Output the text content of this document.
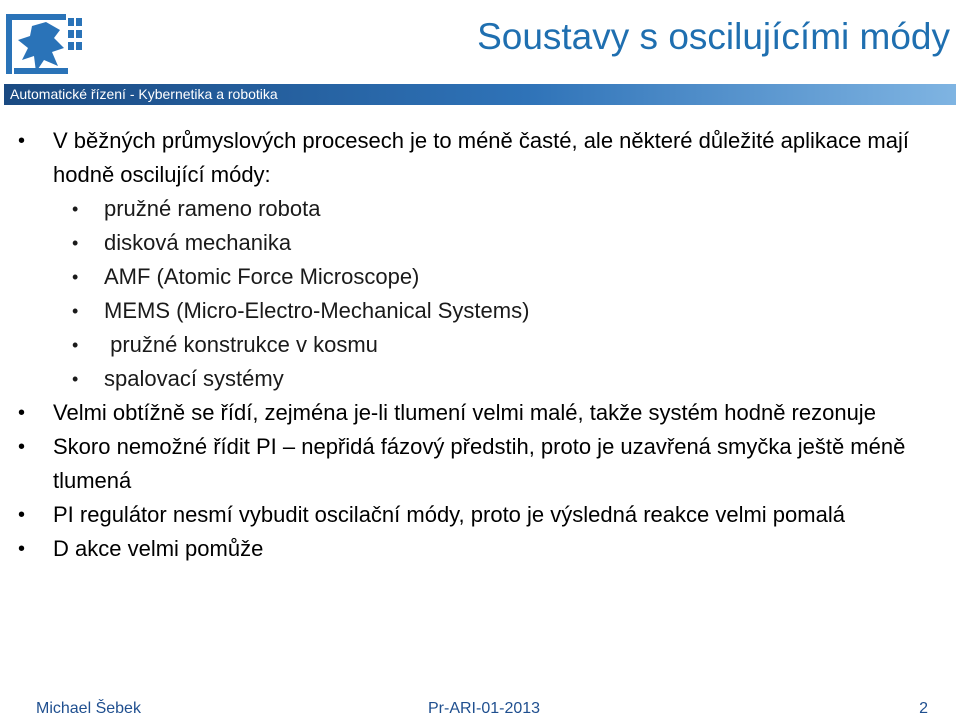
Soustavy s oscilujícími módy
Automatické řízení - Kybernetika a robotika
• V běžných průmyslových procesech je to méně časté, ale některé důležité aplikace mají hodně oscilující módy:
• pružné rameno robota
• disková mechanika
• AMF (Atomic Force Microscope)
• MEMS (Micro-Electro-Mechanical Systems)
• pružné konstrukce v kosmu
• spalovací systémy
• Velmi obtížně se řídí, zejména je-li tlumení velmi malé, takže systém hodně rezonuje
• Skoro nemožné řídit PI – nepřidá fázový předstih, proto je uzavřená smyčka ještě méně tlumená
• PI regulátor nesmí vybudit oscilační módy, proto je výsledná reakce velmi pomalá
• D akce velmi pomůže
Michael Šebek	Pr-ARI-01-2013	2
